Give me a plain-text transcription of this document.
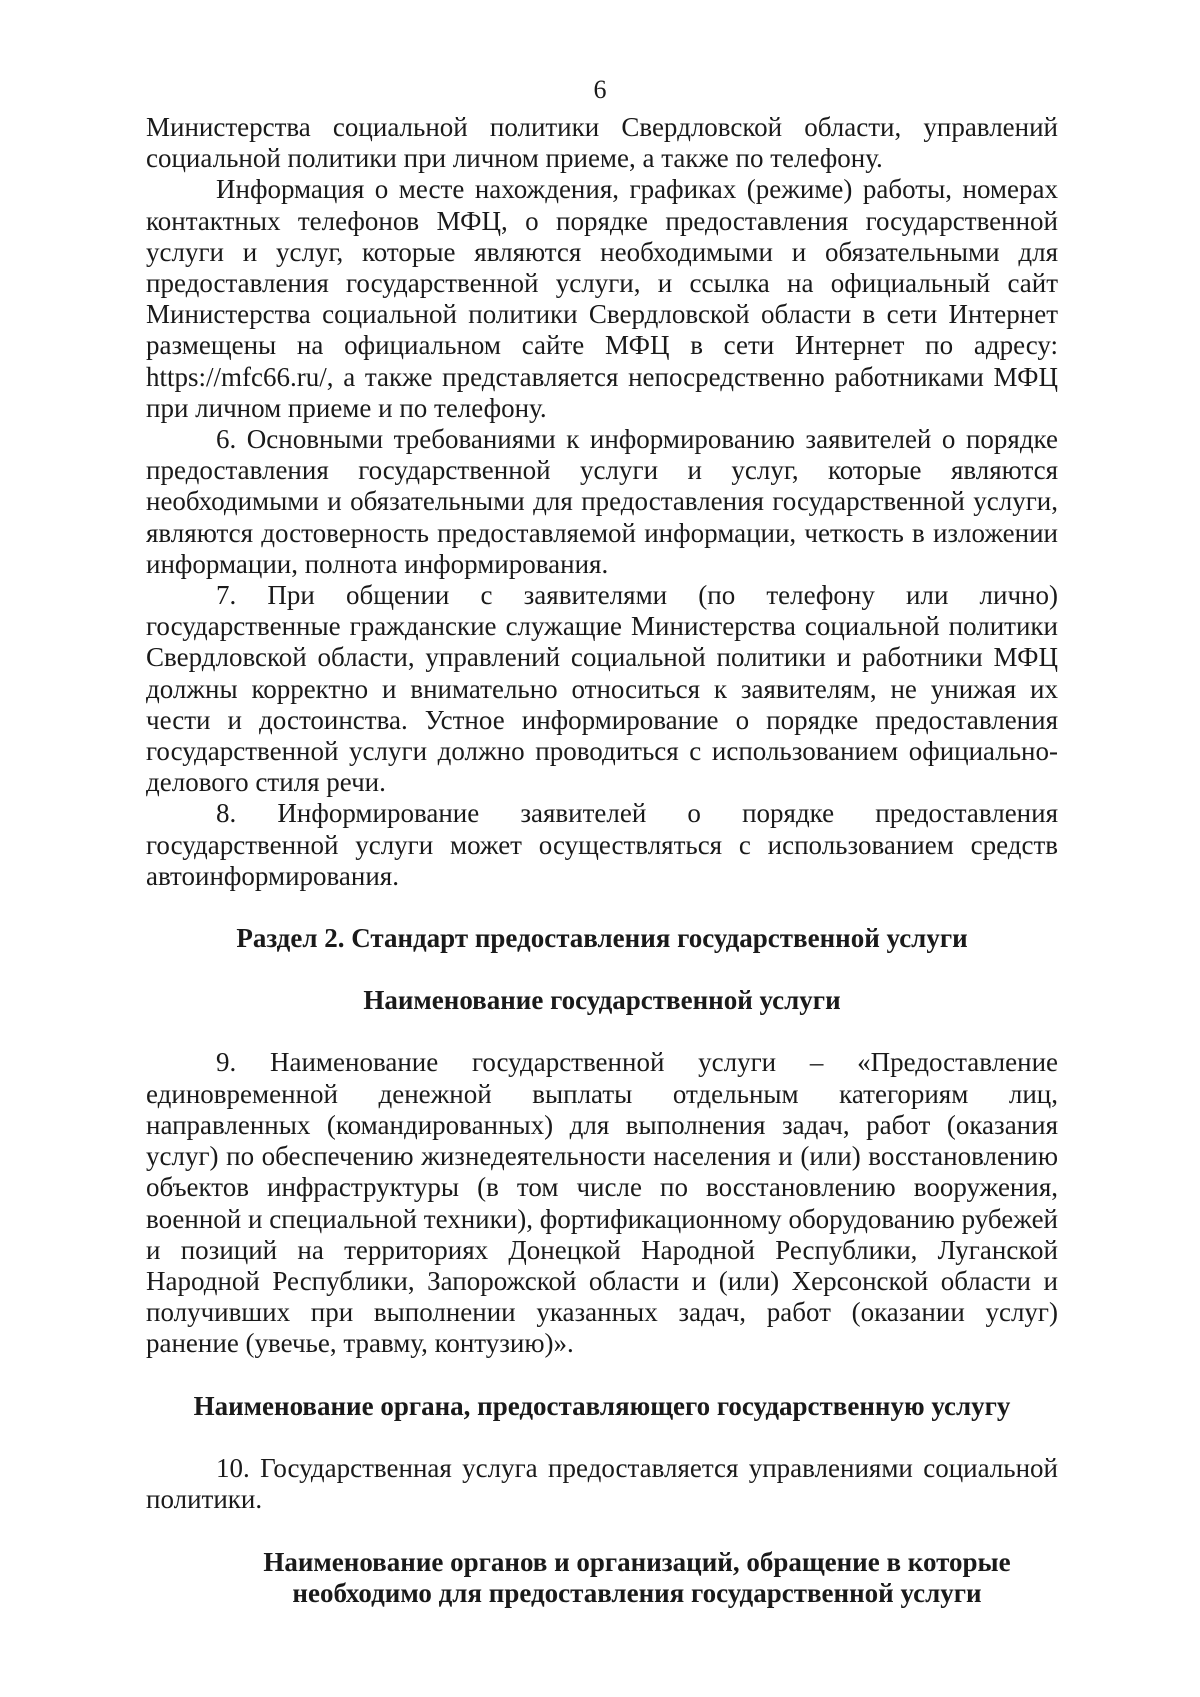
6

Министерства социальной политики Свердловской области, управлений социальной политики при личном приеме, а также по телефону.

Информация о месте нахождения, графиках (режиме) работы, номерах контактных телефонов МФЦ, о порядке предоставления государственной услуги и услуг, которые являются необходимыми и обязательными для предоставления государственной услуги, и ссылка на официальный сайт Министерства социальной политики Свердловской области в сети Интернет размещены на официальном сайте МФЦ в сети Интернет по адресу: https://mfc66.ru/, а также представляется непосредственно работниками МФЦ при личном приеме и по телефону.

6. Основными требованиями к информированию заявителей о порядке предоставления государственной услуги и услуг, которые являются необходимыми и обязательными для предоставления государственной услуги, являются достоверность предоставляемой информации, четкость в изложении информации, полнота информирования.

7. При общении с заявителями (по телефону или лично) государственные гражданские служащие Министерства социальной политики Свердловской области, управлений социальной политики и работники МФЦ должны корректно и внимательно относиться к заявителям, не унижая их чести и достоинства. Устное информирование о порядке предоставления государственной услуги должно проводиться с использованием официально-делового стиля речи.

8. Информирование заявителей о порядке предоставления государственной услуги может осуществляться с использованием средств автоинформирования.

Раздел 2. Стандарт предоставления государственной услуги

Наименование государственной услуги

9. Наименование государственной услуги – «Предоставление единовременной денежной выплаты отдельным категориям лиц, направленных (командированных) для выполнения задач, работ (оказания услуг) по обеспечению жизнедеятельности населения и (или) восстановлению объектов инфраструктуры (в том числе по восстановлению вооружения, военной и специальной техники), фортификационному оборудованию рубежей и позиций на территориях Донецкой Народной Республики, Луганской Народной Республики, Запорожской области и (или) Херсонской области и получивших при выполнении указанных задач, работ (оказании услуг) ранение (увечье, травму, контузию)».

Наименование органа, предоставляющего государственную услугу

10. Государственная услуга предоставляется управлениями социальной политики.

Наименование органов и организаций, обращение в которые

необходимо для предоставления государственной услуги
